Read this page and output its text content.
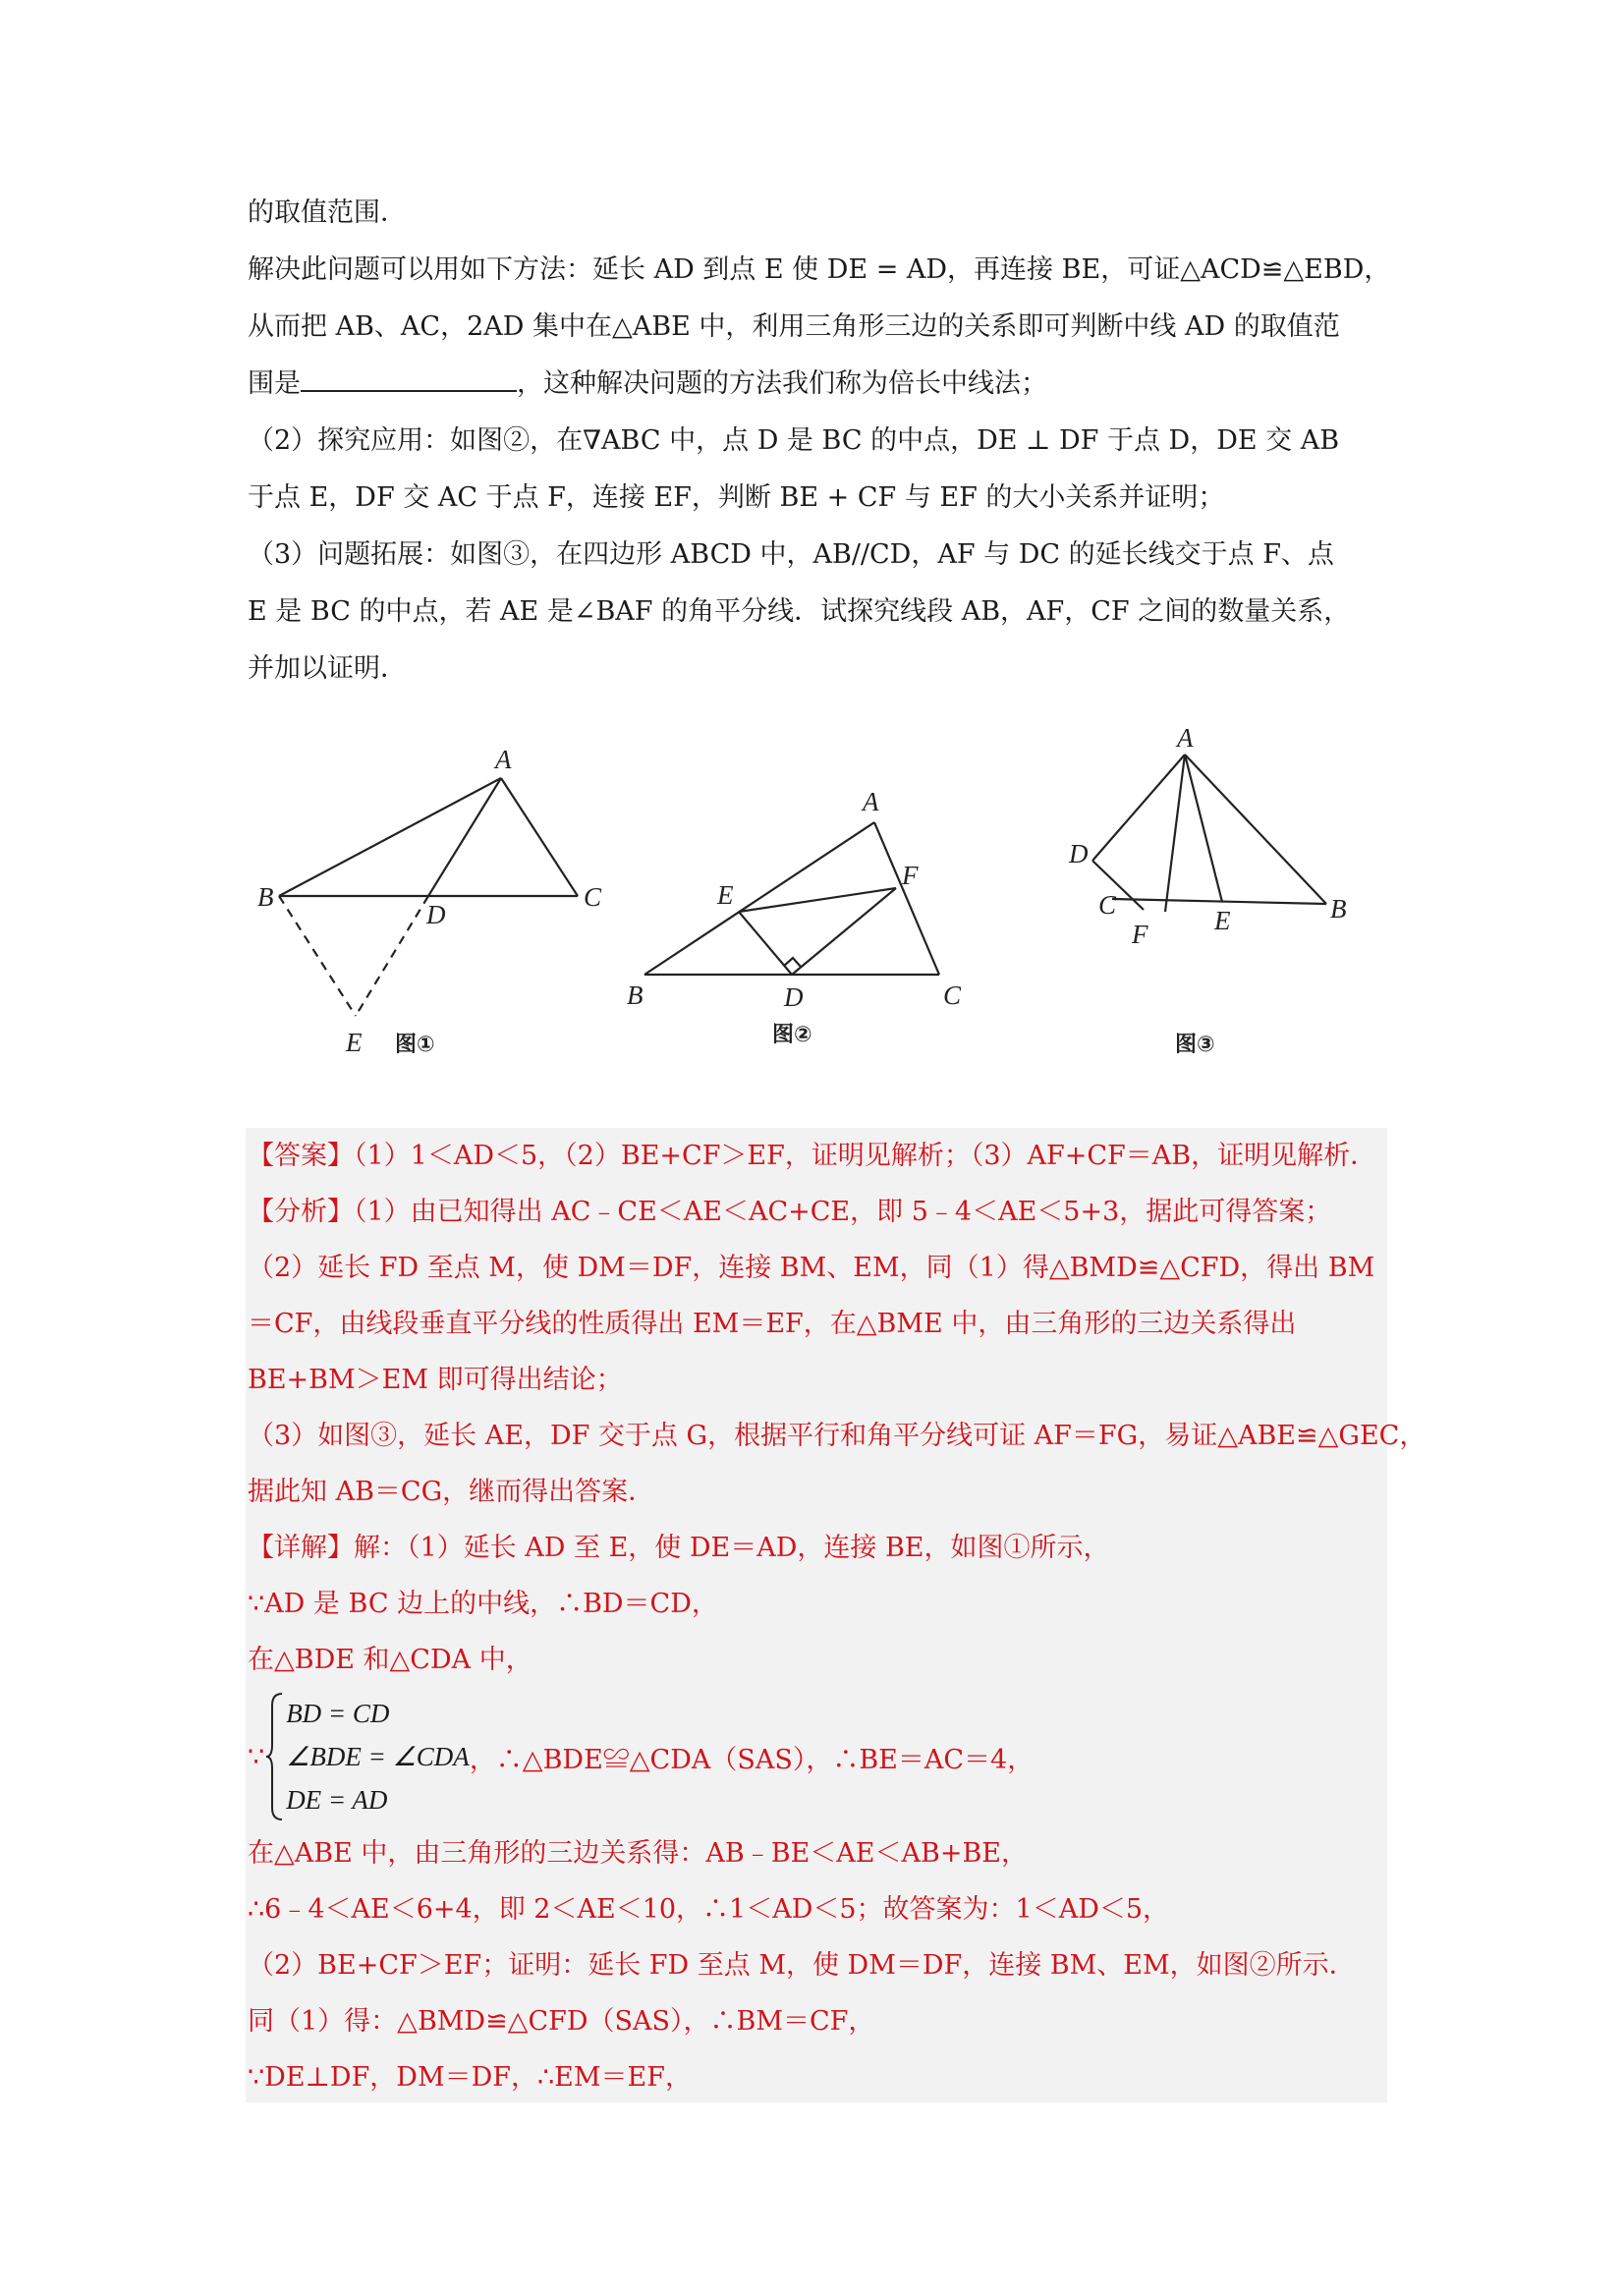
的取值范围．

解决此问题可以用如下方法：延长 AD 到点 E 使 DE = AD，再连接 BE，可证△ACD≌△EBD，

从而把 AB、AC，2AD 集中在△ABE 中，利用三角形三边的关系即可判断中线 AD 的取值范

围是	，这种解决问题的方法我们称为倍长中线法；

（2）探究应用：如图②，在∇ABC 中，点 D 是 BC 的中点，DE ⊥ DF 于点 D，DE 交 AB

于点 E，DF 交 AC 于点 F，连接 EF，判断 BE + CF 与 EF 的大小关系并证明；

（3）问题拓展：如图③，在四边形 ABCD 中，AB//CD，AF 与 DC 的延长线交于点 F、点

E 是 BC 的中点，若 AE 是∠BAF 的角平分线．试探究线段 AB，AF，CF 之间的数量关系，

并加以证明．

A
B	C
D
E 图①
A
B	C
D
E
F
图②
A
B
C
D
E
F
图③

【答案】（1）1＜AD＜5，（2）BE+CF＞EF，证明见解析；（3）AF+CF＝AB，证明见解析．

【分析】（1）由已知得出 AC﹣CE＜AE＜AC+CE，即 5﹣4＜AE＜5+3，据此可得答案；

（2）延长 FD 至点 M，使 DM＝DF，连接 BM、EM，同（1）得△BMD≌△CFD，得出 BM

＝CF，由线段垂直平分线的性质得出 EM＝EF，在△BME 中，由三角形的三边关系得出

BE+BM＞EM 即可得出结论；

（3）如图③，延长 AE，DF 交于点 G，根据平行和角平分线可证 AF＝FG，易证△ABE≌△GEC，

据此知 AB＝CG，继而得出答案．

【详解】解：（1）延长 AD 至 E，使 DE＝AD，连接 BE，如图①所示，

∵AD 是 BC 边上的中线，∴BD＝CD，

在△BDE 和△CDA 中，

∵
BD = CD
∠BDE = ∠CDA
DE = AD
，∴△BDE≌△CDA（SAS），∴BE＝AC＝4，

在△ABE 中，由三角形的三边关系得：AB﹣BE＜AE＜AB+BE，

∴6﹣4＜AE＜6+4，即 2＜AE＜10，∴1＜AD＜5；故答案为：1＜AD＜5，

（2）BE+CF＞EF；证明：延长 FD 至点 M，使 DM＝DF，连接 BM、EM，如图②所示．

同（1）得：△BMD≌△CFD（SAS），∴BM＝CF，

∵DE⊥DF，DM＝DF，∴EM＝EF，
